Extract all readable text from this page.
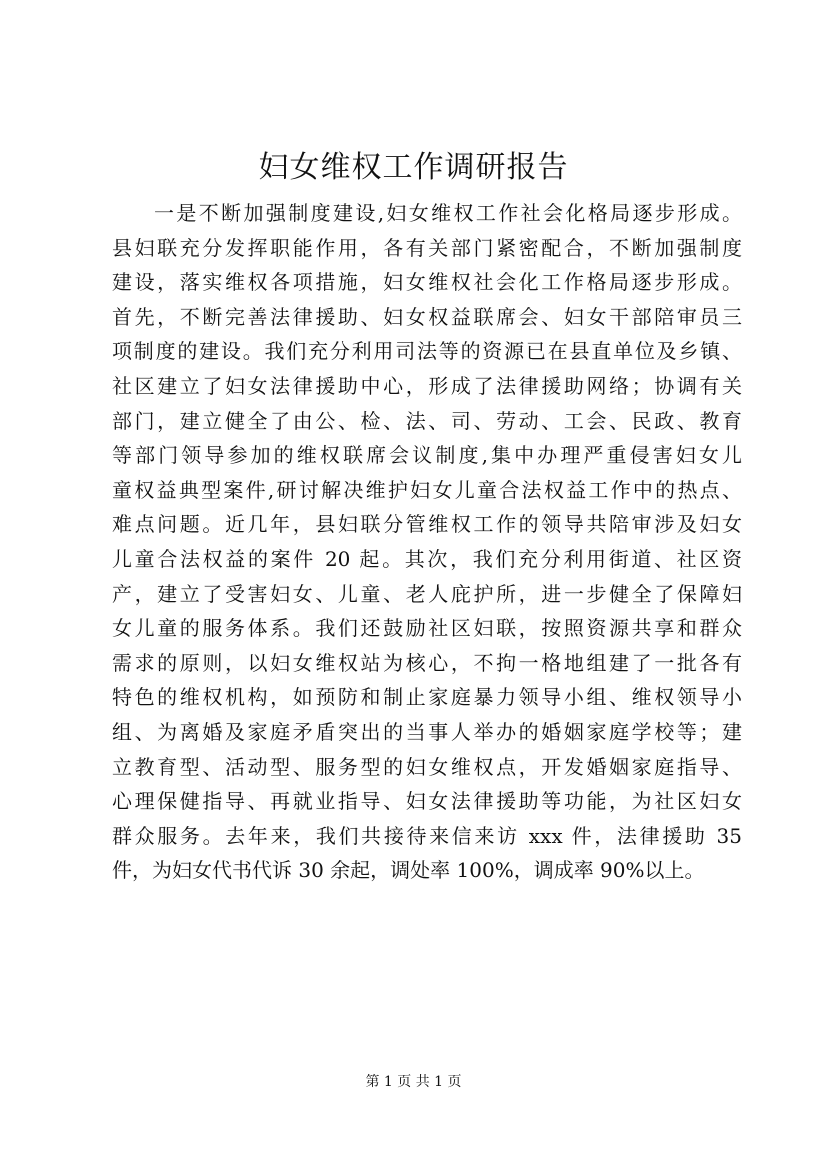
妇女维权工作调研报告
一是不断加强制度建设,妇女维权工作社会化格局逐步形成。
县妇联充分发挥职能作用，各有关部门紧密配合，不断加强制度
建设，落实维权各项措施，妇女维权社会化工作格局逐步形成。
首先，不断完善法律援助、妇女权益联席会、妇女干部陪审员三
项制度的建设。我们充分利用司法等的资源已在县直单位及乡镇、
社区建立了妇女法律援助中心，形成了法律援助网络；协调有关
部门，建立健全了由公、检、法、司、劳动、工会、民政、教育
等部门领导参加的维权联席会议制度,集中办理严重侵害妇女儿
童权益典型案件,研讨解决维护妇女儿童合法权益工作中的热点、
难点问题。近几年，县妇联分管维权工作的领导共陪审涉及妇女
儿童合法权益的案件 20 起。其次，我们充分利用街道、社区资
产，建立了受害妇女、儿童、老人庇护所，进一步健全了保障妇
女儿童的服务体系。我们还鼓励社区妇联，按照资源共享和群众
需求的原则，以妇女维权站为核心，不拘一格地组建了一批各有
特色的维权机构，如预防和制止家庭暴力领导小组、维权领导小
组、为离婚及家庭矛盾突出的当事人举办的婚姻家庭学校等；建
立教育型、活动型、服务型的妇女维权点，开发婚姻家庭指导、
心理保健指导、再就业指导、妇女法律援助等功能，为社区妇女
群众服务。去年来，我们共接待来信来访 xxx 件，法律援助 35
件，为妇女代书代诉 30 余起，调处率 100%，调成率 90%以上。
第 1 页 共 1 页
